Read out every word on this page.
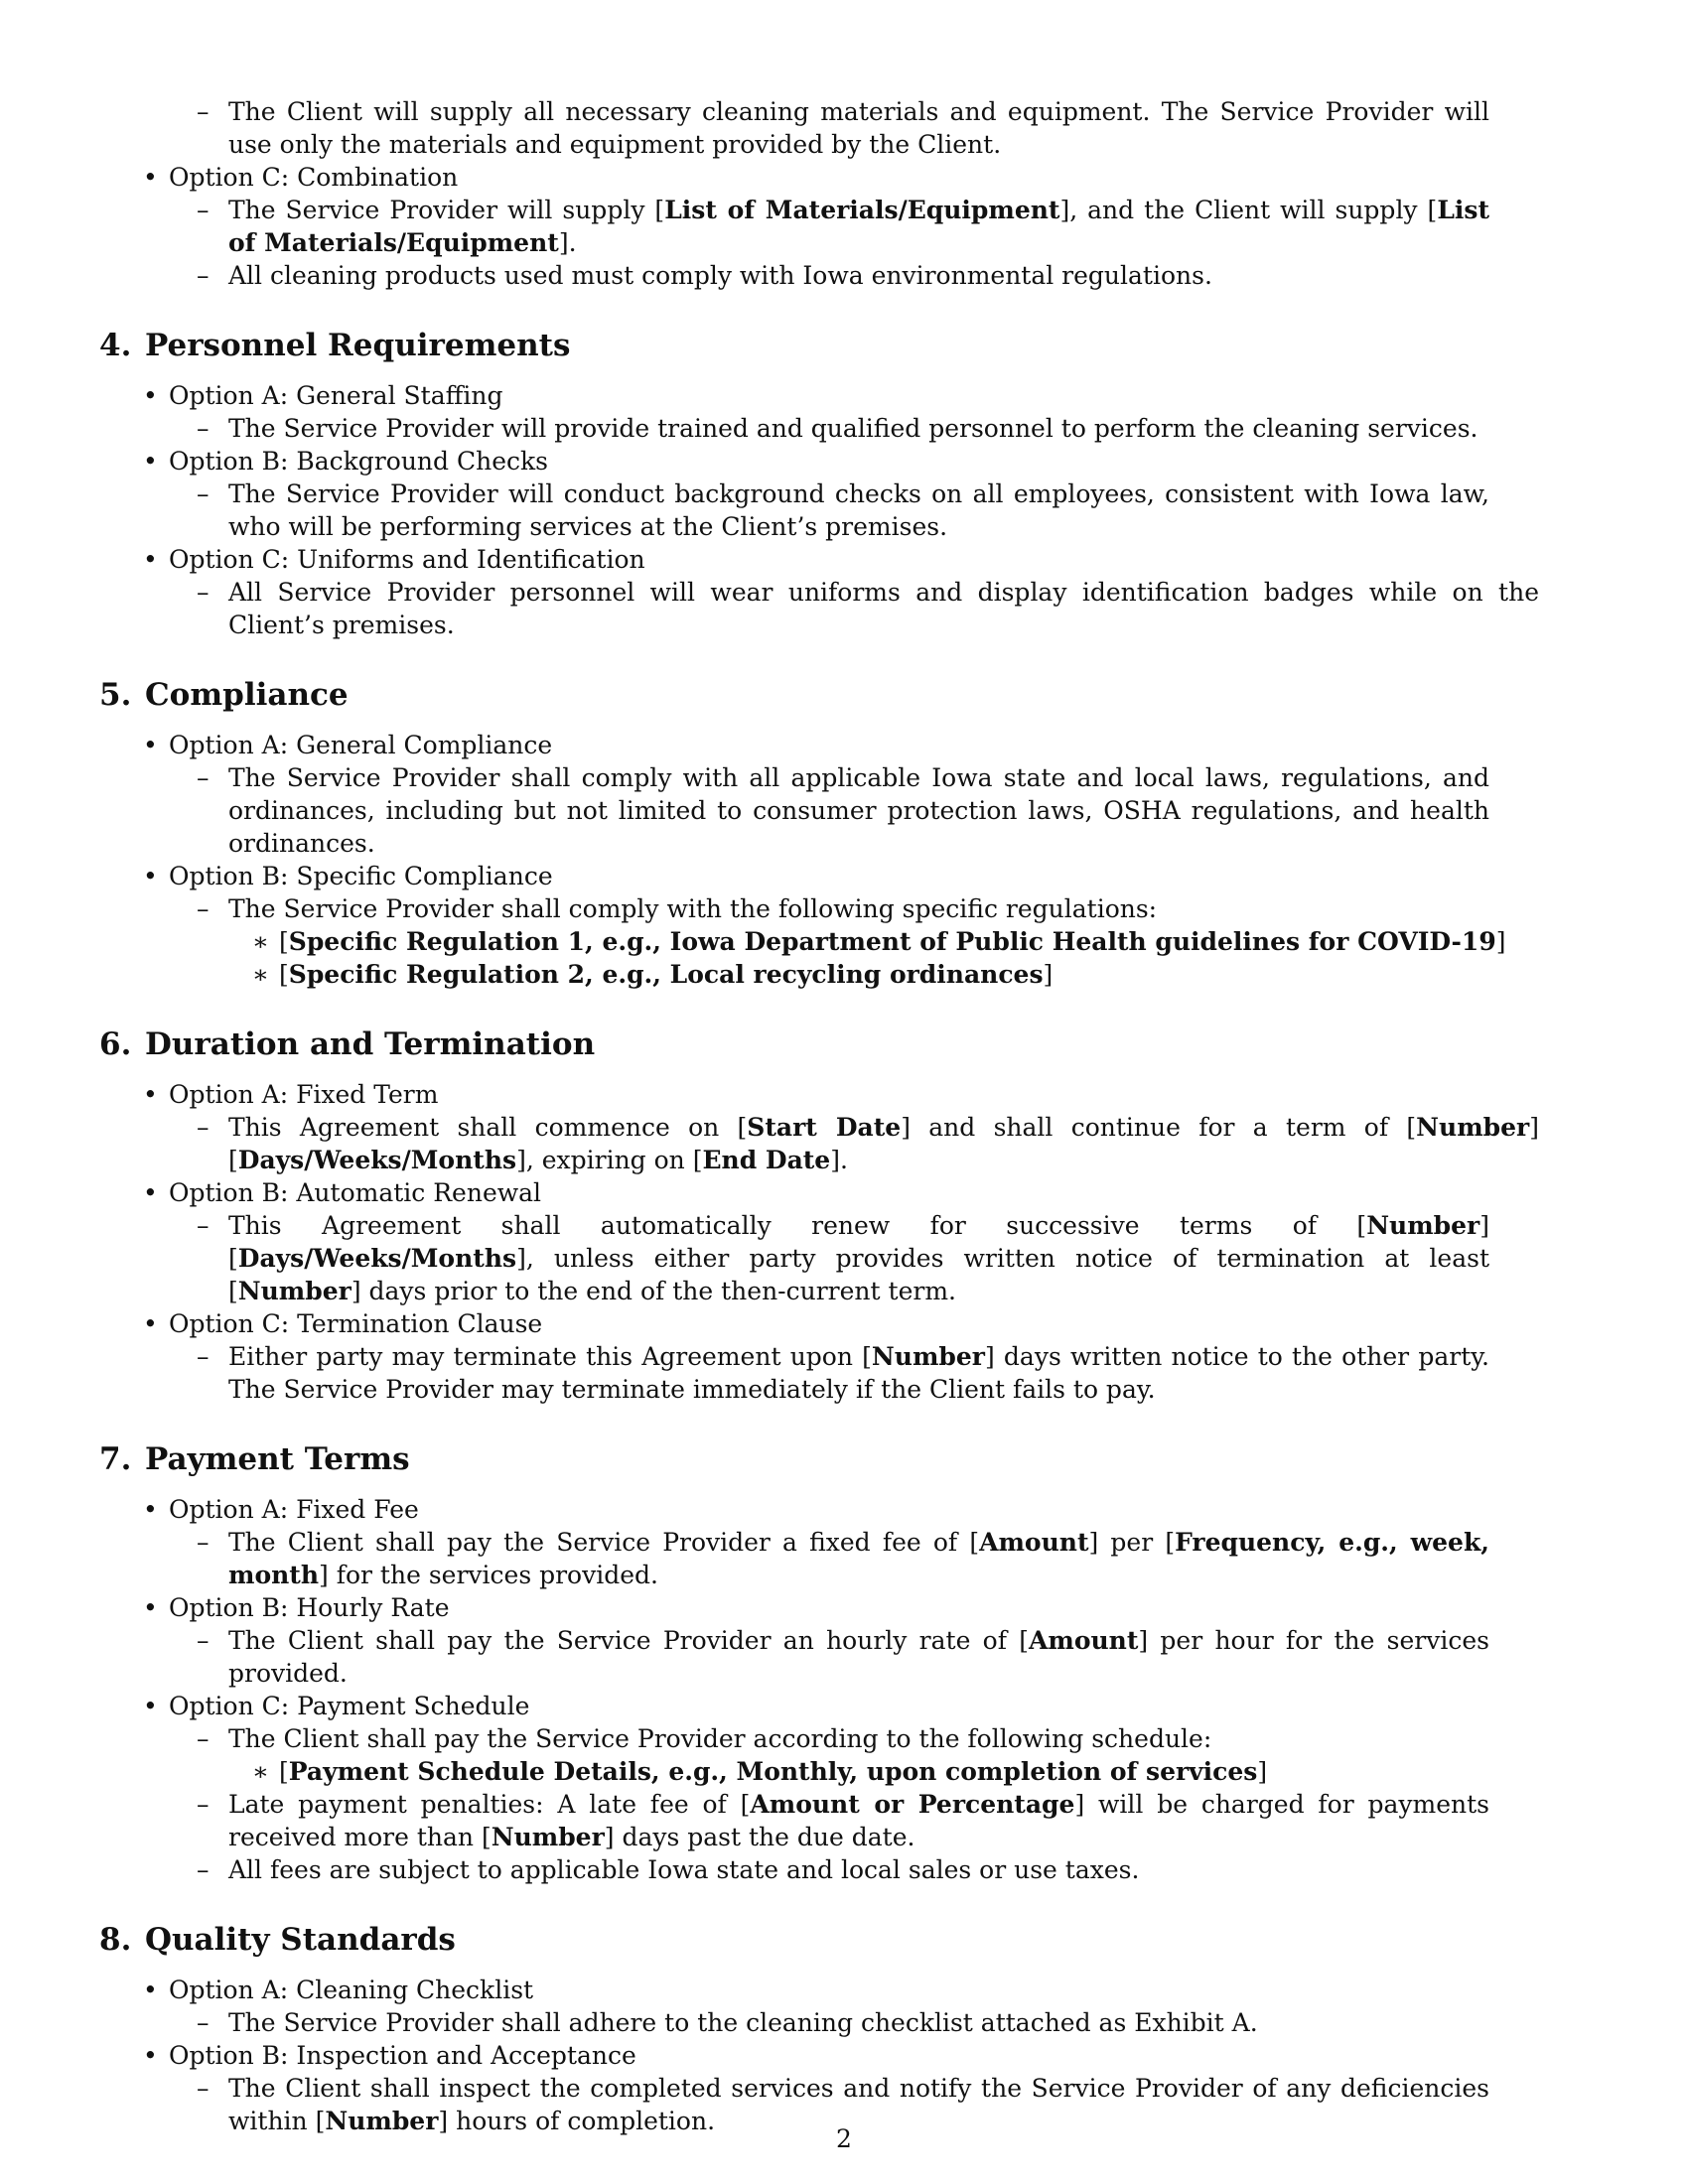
– The Client will supply all necessary cleaning materials and equipment. The Service Provider will use only the materials and equipment provided by the Client.
• Option C: Combination
– The Service Provider will supply [List of Materials/Equipment], and the Client will supply [List of Materials/Equipment].
– All cleaning products used must comply with Iowa environmental regulations.
4. Personnel Requirements
• Option A: General Staffing
– The Service Provider will provide trained and qualified personnel to perform the cleaning services.
• Option B: Background Checks
– The Service Provider will conduct background checks on all employees, consistent with Iowa law, who will be performing services at the Client’s premises.
• Option C: Uniforms and Identification
– All Service Provider personnel will wear uniforms and display identification badges while on the Client’s premises.
5. Compliance
• Option A: General Compliance
– The Service Provider shall comply with all applicable Iowa state and local laws, regulations, and ordinances, including but not limited to consumer protection laws, OSHA regulations, and health ordinances.
• Option B: Specific Compliance
– The Service Provider shall comply with the following specific regulations:
∗ [Specific Regulation 1, e.g., Iowa Department of Public Health guidelines for COVID-19]
∗ [Specific Regulation 2, e.g., Local recycling ordinances]
6. Duration and Termination
• Option A: Fixed Term
– This Agreement shall commence on [Start Date] and shall continue for a term of [Number] [Days/Weeks/Months], expiring on [End Date].
• Option B: Automatic Renewal
– This Agreement shall automatically renew for successive terms of [Number] [Days/Weeks/Months], unless either party provides written notice of termination at least [Number] days prior to the end of the then-current term.
• Option C: Termination Clause
– Either party may terminate this Agreement upon [Number] days written notice to the other party. The Service Provider may terminate immediately if the Client fails to pay.
7. Payment Terms
• Option A: Fixed Fee
– The Client shall pay the Service Provider a fixed fee of [Amount] per [Frequency, e.g., week, month] for the services provided.
• Option B: Hourly Rate
– The Client shall pay the Service Provider an hourly rate of [Amount] per hour for the services provided.
• Option C: Payment Schedule
– The Client shall pay the Service Provider according to the following schedule:
∗ [Payment Schedule Details, e.g., Monthly, upon completion of services]
– Late payment penalties: A late fee of [Amount or Percentage] will be charged for payments received more than [Number] days past the due date.
– All fees are subject to applicable Iowa state and local sales or use taxes.
8. Quality Standards
• Option A: Cleaning Checklist
– The Service Provider shall adhere to the cleaning checklist attached as Exhibit A.
• Option B: Inspection and Acceptance
– The Client shall inspect the completed services and notify the Service Provider of any deficiencies within [Number] hours of completion.
2
